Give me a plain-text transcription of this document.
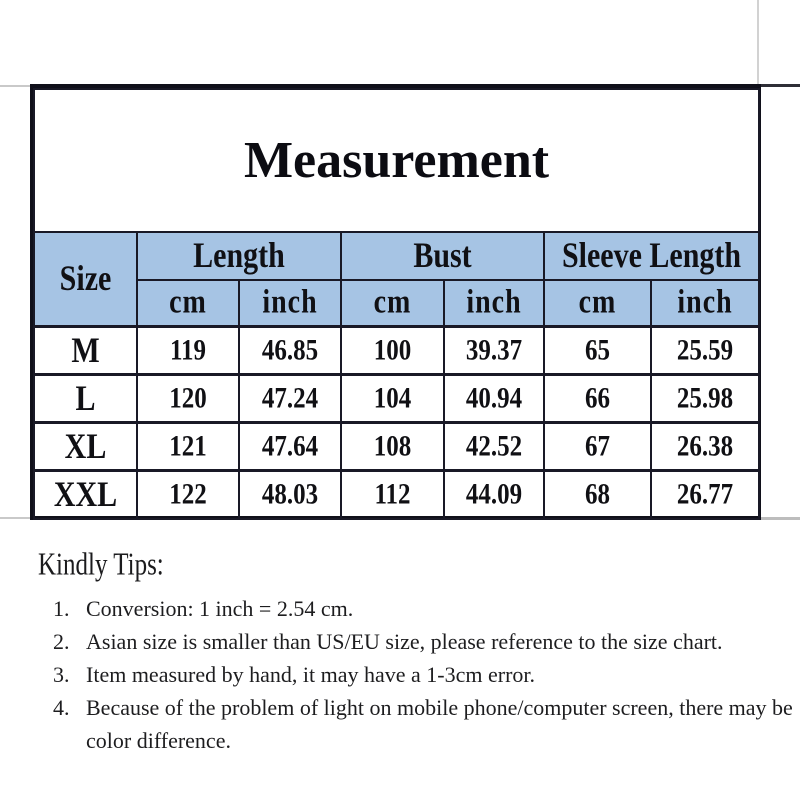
Measurement						
Size	Length		Bust		Sleeve Length	
	cm	inch	cm	inch	cm	inch
M	119	46.85	100	39.37	65	25.59
L	120	47.24	104	40.94	66	25.98
XL	121	47.64	108	42.52	67	26.38
XXL	122	48.03	112	44.09	68	26.77
Kindly Tips:
1. Conversion: 1 inch = 2.54 cm.
2. Asian size is smaller than US/EU size, please reference to the size chart.
3. Item measured by hand, it may have a 1-3cm error.
4. Because of the problem of light on mobile phone/computer screen, there may be color difference.
